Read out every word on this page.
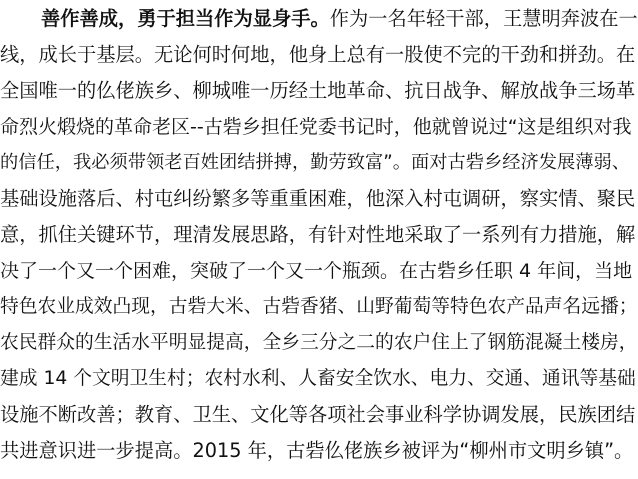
善作善成，勇于担当作为显身手。作为一名年轻干部，王慧明奔波在一
线，成长于基层。无论何时何地，他身上总有一股使不完的干劲和拼劲。在
全国唯一的仫佬族乡、柳城唯一历经土地革命、抗日战争、解放战争三场革
命烈火煅烧的革命老区--古砦乡担任党委书记时，他就曾说过“这是组织对我
的信任，我必须带领老百姓团结拼搏，勤劳致富”。面对古砦乡经济发展薄弱、
基础设施落后、村屯纠纷繁多等重重困难，他深入村屯调研，察实情、聚民
意，抓住关键环节，理清发展思路，有针对性地采取了一系列有力措施，解
决了一个又一个困难，突破了一个又一个瓶颈。在古砦乡任职 4 年间，当地
特色农业成效凸现，古砦大米、古砦香猪、山野葡萄等特色农产品声名远播；
农民群众的生活水平明显提高，全乡三分之二的农户住上了钢筋混凝土楼房，
建成 14 个文明卫生村；农村水利、人畜安全饮水、电力、交通、通讯等基础
设施不断改善；教育、卫生、文化等各项社会事业科学协调发展，民族团结
共进意识进一步提高。2015 年，古砦仫佬族乡被评为“柳州市文明乡镇”。
